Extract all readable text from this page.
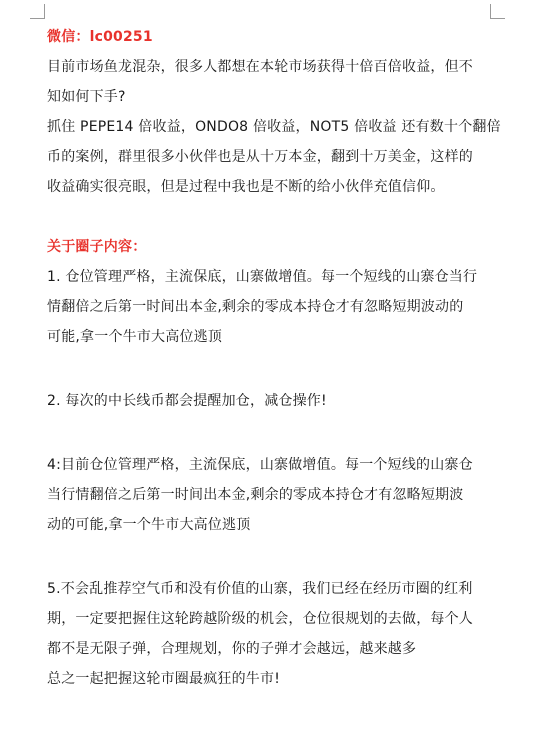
微信：lc00251
目前市场鱼龙混杂，很多人都想在本轮市场获得十倍百倍收益，但不
知如何下手?
抓住 PEPE14 倍收益，ONDO8 倍收益，NOT5 倍收益 还有数十个翻倍
币的案例，群里很多小伙伴也是从十万本金，翻到十万美金，这样的
收益确实很亮眼，但是过程中我也是不断的给小伙伴充值信仰。
关于圈子内容：
1. 仓位管理严格，主流保底，山寨做增值。每一个短线的山寨仓当行
情翻倍之后第一时间出本金,剩余的零成本持仓才有忽略短期波动的
可能,拿一个牛市大高位逃顶
2. 每次的中长线币都会提醒加仓，减仓操作!
4:目前仓位管理严格，主流保底，山寨做增值。每一个短线的山寨仓
当行情翻倍之后第一时间出本金,剩余的零成本持仓才有忽略短期波
动的可能,拿一个牛市大高位逃顶
5.不会乱推荐空气币和没有价值的山寨，我们已经在经历市圈的红利
期，一定要把握住这轮跨越阶级的机会，仓位很规划的去做，每个人
都不是无限子弹，合理规划，你的子弹才会越远，越来越多
总之一起把握这轮市圈最疯狂的牛市!
